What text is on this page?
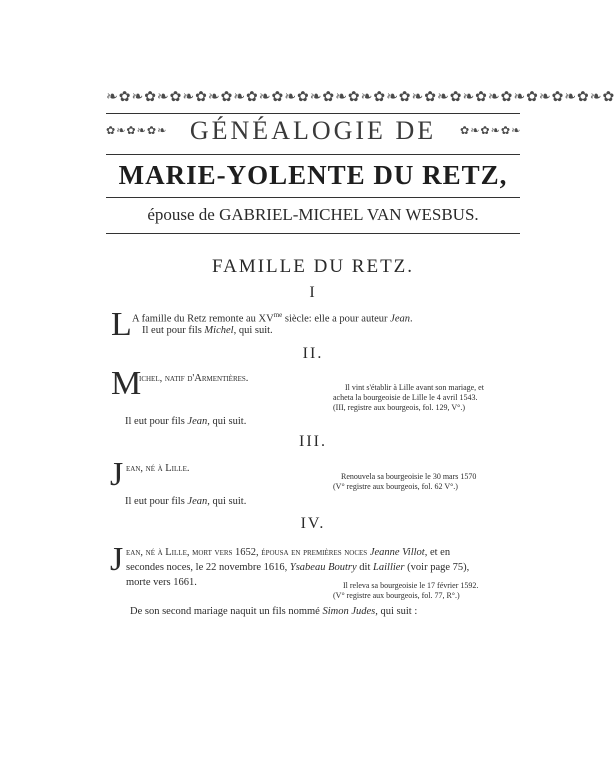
❧✿❧✿❧✿❧✿❧✿❧✿❧✿❧✿❧✿❧✿❧✿❧✿❧✿❧✿❧✿❧✿❧✿❧✿❧✿❧✿
✿❧✿❧✿❧	✿❧✿❧✿❧
GÉNÉALOGIE DE
MARIE-YOLENTE DU RETZ,
épouse de GABRIEL-MICHEL VAN WESBUS.
FAMILLE DU RETZ.
I
L A famille du Retz remonte au $XV^{me}$ siècle: elle a pour auteur Jean.
Il eut pour fils Michel, qui suit.
II.
M
ichel, natif d'Armentières.
Il vint s'établir à Lille avant son mariage, et
acheta la bourgeoisie de Lille le 4 avril 1543.
(III, registre aux bourgeois, fol. 129, V°.)
Il eut pour fils Jean, qui suit.
III.
J ean, né à Lille.
Renouvela sa bourgeoisie le 30 mars 1570
(V° registre aux bourgeois, fol. 62 V°.)
Il eut pour fils Jean, qui suit.
IV.
J ean, né à Lille, mort vers 1652, épousa en premières noces Jeanne Villot, et en
secondes noces, le 22 novembre 1616, Ysabeau Boutry dit Laillier (voir page 75),
morte vers 1661.	Il releva sa bourgeoisie le 17 février 1592.
(V° registre aux bourgeois, fol. 77, R°.)
De son second mariage naquit un fils nommé Simon Judes, qui suit :
